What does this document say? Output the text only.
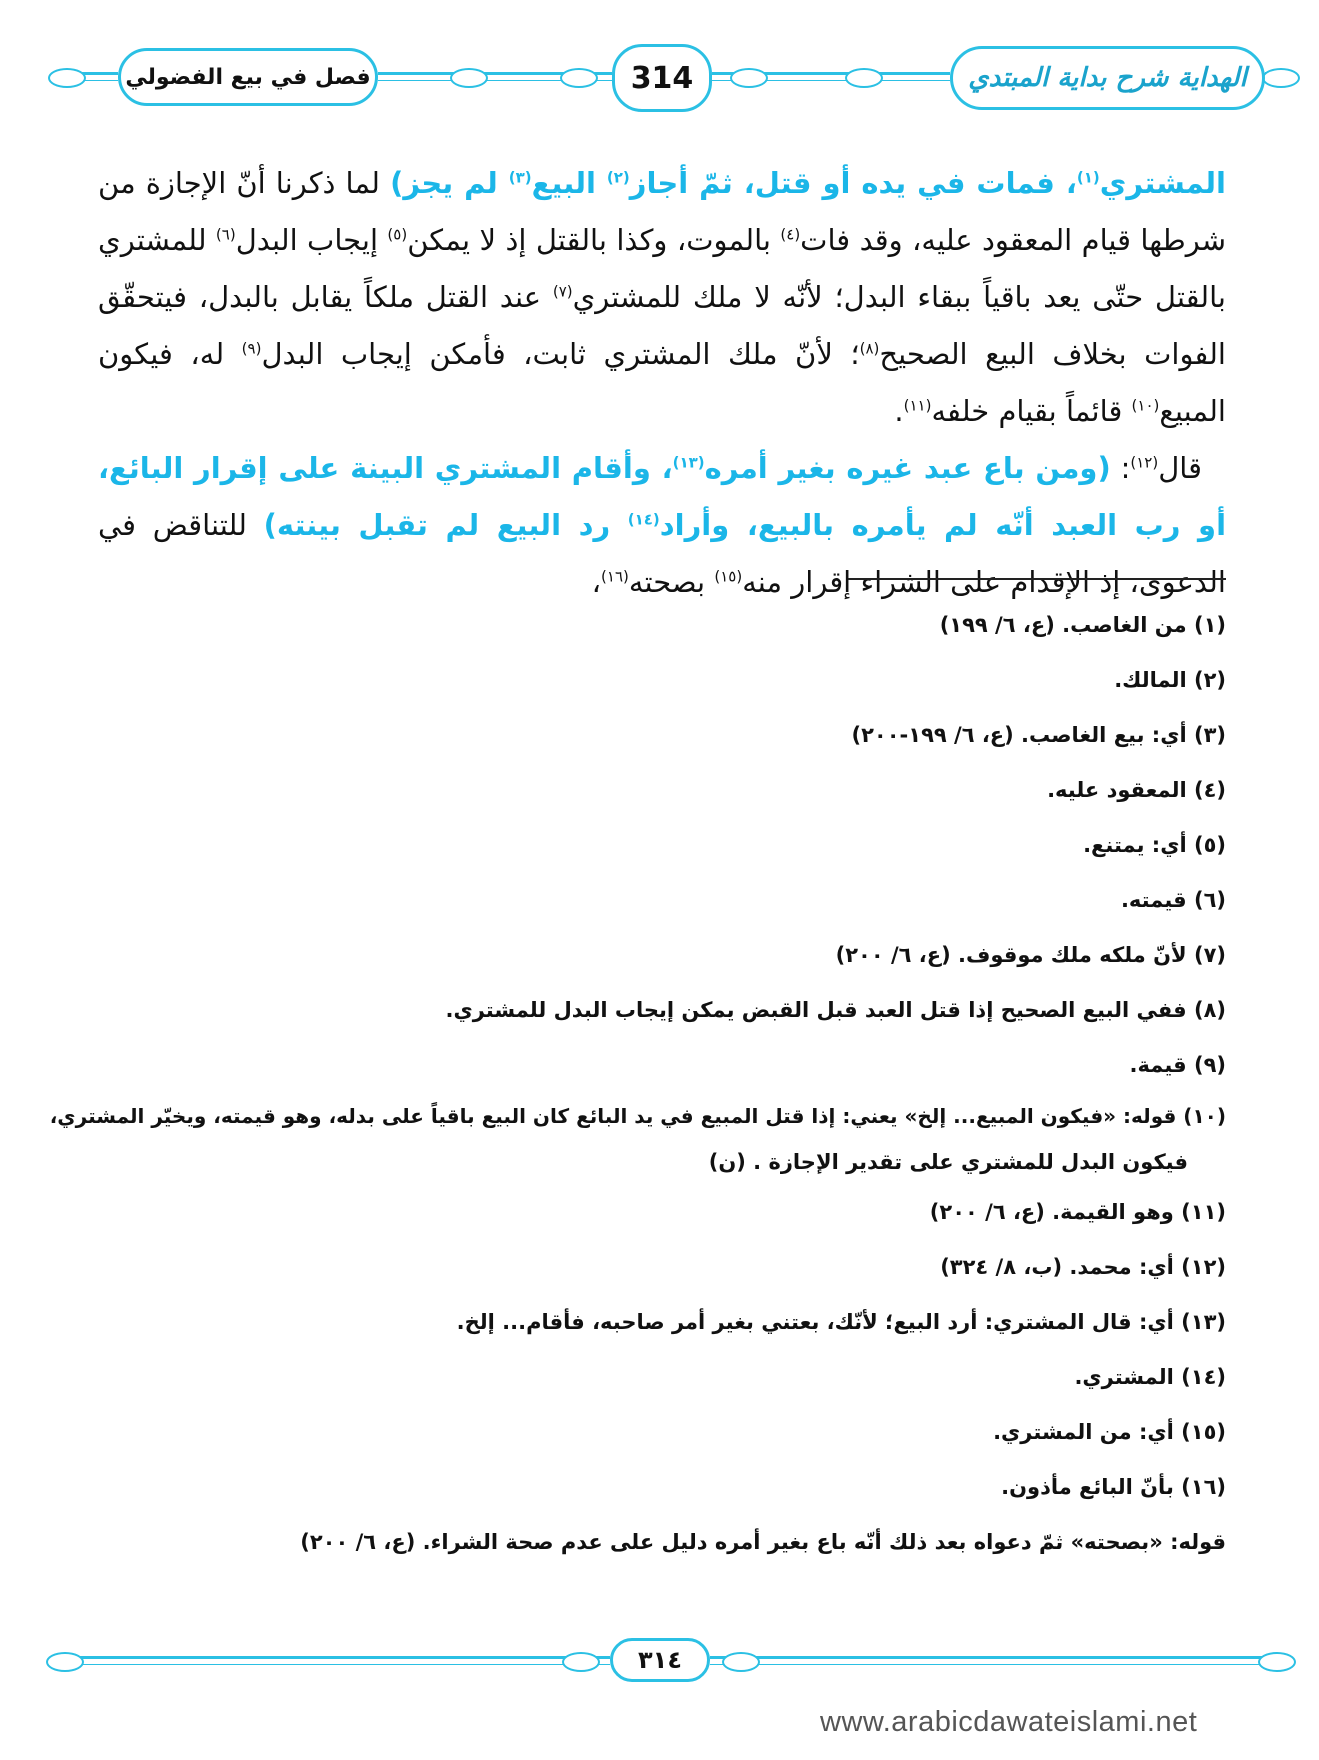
الهداية شرح بداية المبتدي
314
فصل في بيع الفضولي

المشتري$^{(١)}$، فمات في يده أو قتل، ثمّ أجاز$^{(٢)}$ البيع$^{(٣)}$ لم يجز) لما ذكرنا أنّ الإجازة من شرطها قيام المعقود عليه، وقد فات$^{(٤)}$ بالموت، وكذا بالقتل إذ لا يمكن$^{(٥)}$ إيجاب البدل$^{(٦)}$ للمشتري بالقتل حتّى يعد باقياً ببقاء البدل؛ لأنّه لا ملك للمشتري$^{(٧)}$ عند القتل ملكاً يقابل بالبدل، فيتحقّق الفوات بخلاف البيع الصحيح$^{(٨)}$؛ لأنّ ملك المشتري ثابت، فأمكن إيجاب البدل$^{(٩)}$ له، فيكون المبيع$^{(١٠)}$ قائماً بقيام خلفه$^{(١١)}$.

قال$^{(١٢)}$: (ومن باع عبد غيره بغير أمره$^{(١٣)}$، وأقام المشتري البينة على إقرار البائع، أو رب العبد أنّه لم يأمره بالبيع، وأراد$^{(١٤)}$ رد البيع لم تقبل بينته) للتناقض في الدعوى، إذ الإقدام على الشراء إقرار منه$^{(١٥)}$ بصحته$^{(١٦)}$،

(١) من الغاصب. (ع، ٦/ ١٩٩)
(٢) المالك.
(٣) أي: بيع الغاصب. (ع، ٦/ ١٩٩-٢٠٠)
(٤) المعقود عليه.
(٥) أي: يمتنع.
(٦) قيمته.
(٧) لأنّ ملكه ملك موقوف. (ع، ٦/ ٢٠٠)
(٨) ففي البيع الصحيح إذا قتل العبد قبل القبض يمكن إيجاب البدل للمشتري.
(٩) قيمة.
(١٠) قوله: «فيكون المبيع... إلخ» يعني: إذا قتل المبيع في يد البائع كان البيع باقياً على بدله، وهو قيمته، ويخيّر المشتري،
فيكون البدل للمشتري على تقدير الإجازة . (ن)
(١١) وهو القيمة. (ع، ٦/ ٢٠٠)
(١٢) أي: محمد. (ب، ٨/ ٣٢٤)
(١٣) أي: قال المشتري: أرد البيع؛ لأنّك، بعتني بغير أمر صاحبه، فأقام... إلخ.
(١٤) المشتري.
(١٥) أي: من المشتري.
(١٦) بأنّ البائع مأذون.
قوله: «بصحته» ثمّ دعواه بعد ذلك أنّه باع بغير أمره دليل على عدم صحة الشراء. (ع، ٦/ ٢٠٠)
٣١٤
www.arabicdawateislami.net
